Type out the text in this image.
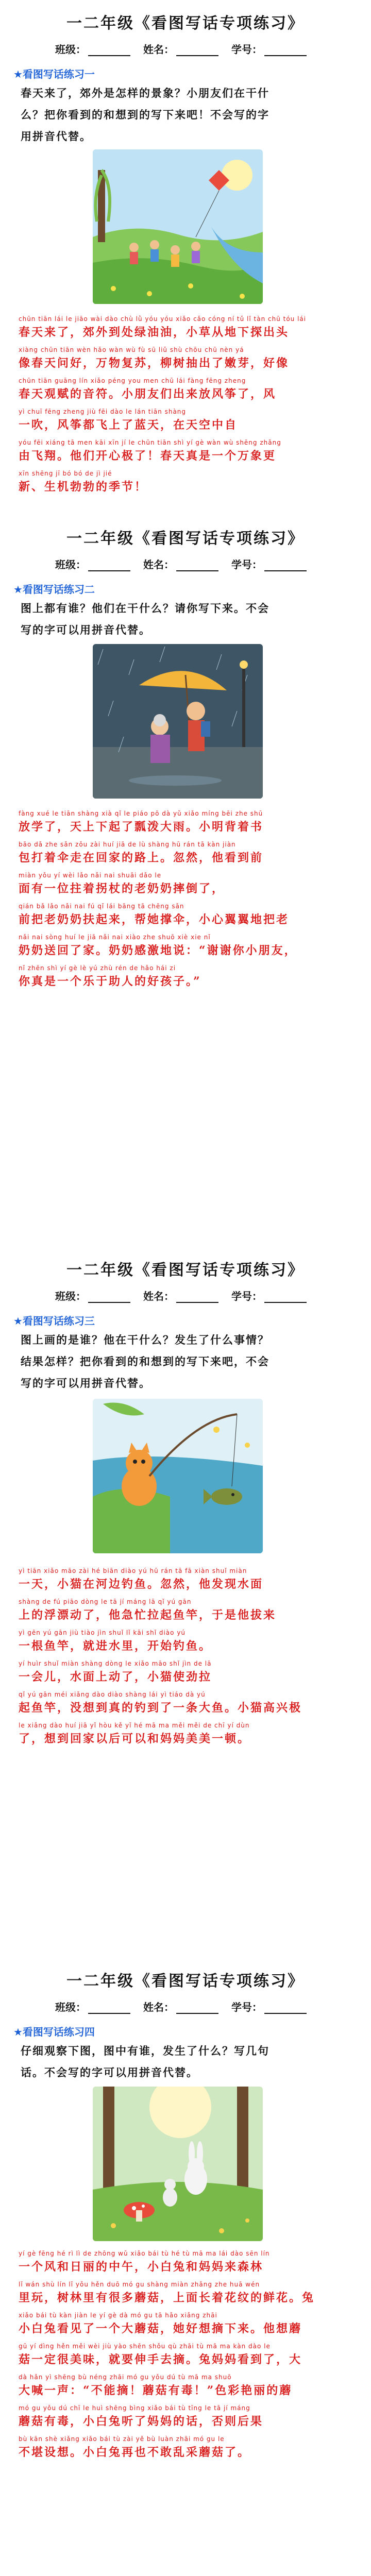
一二年级《看图写话专项练习》
班级：	姓名：	学号：
★看图写话练习一
春天来了，郊外是怎样的景象？小朋友们在干什
么？把你看到的和想到的写下来吧！不会写的字
用拼音代替。
chūn tiān lái le jiāo wài dào chù lǜ yóu yóu xiǎo cǎo cóng ní tǔ lǐ tàn chū tóu lái
春天来了，郊外到处绿油油，小草从地下探出头
xiàng chūn tiān wèn hǎo wàn wù fù sū liǔ shù chōu chū nèn yá
像春天问好，万物复苏，柳树抽出了嫩芽，好像
chūn tiān guāng lín xiǎo péng you men chū lái fàng fēng zheng
春天观赋的音符。小朋友们出来放风筝了，风
yì chuī fēng zheng jiù fēi dào le lán tiān shàng
一吹，风筝都飞上了蓝天，在天空中自
yóu fēi xiáng tā men kāi xīn jí le chūn tiān shì yí gè wàn wù shēng zhǎng
由飞翔。他们开心极了！春天真是一个万象更
xīn shēng jī bó bó de jì jié
新、生机勃勃的季节！
一二年级《看图写话专项练习》
班级：	姓名：	学号：
★看图写话练习二
图上都有谁？他们在干什么？请你写下来。不会
写的字可以用拼音代替。
fàng xué le tiān shàng xià qǐ le piáo pō dà yǔ xiǎo míng bēi zhe shū
放学了，天上下起了瓢泼大雨。小明背着书
bāo dǎ zhe sǎn zǒu zài huí jiā de lù shàng hū rán tā kàn jiàn
包打着伞走在回家的路上。忽然，他看到前
miàn yǒu yí wèi lǎo nǎi nai shuāi dǎo le
面有一位拄着拐杖的老奶奶摔倒了，
qián bǎ lǎo nǎi nai fú qǐ lái bāng tā chēng sǎn
前把老奶奶扶起来，帮她撑伞，小心翼翼地把老
nǎi nai sòng huí le jiā nǎi nai xiào zhe shuō xiè xie nǐ
奶奶送回了家。奶奶感激地说：“谢谢你小朋友，
nǐ zhēn shì yí gè lè yú zhù rén de hǎo hái zi
你真是一个乐于助人的好孩子。”
一二年级《看图写话专项练习》
班级：	姓名：	学号：
★看图写话练习三
图上画的是谁？他在干什么？发生了什么事情？
结果怎样？把你看到的和想到的写下来吧，不会
写的字可以用拼音代替。
yì tiān xiǎo māo zài hé biān diào yú hū rán tā fā xiàn shuǐ miàn
一天，小猫在河边钓鱼。忽然，他发现水面
shàng de fú piāo dòng le tā jí máng lā qǐ yú gān
上的浮漂动了，他急忙拉起鱼竿，于是他拔来
yì gēn yú gān jiù tiào jìn shuǐ lǐ kāi shǐ diào yú
一根鱼竿，就进水里，开始钓鱼。
yí huìr shuǐ miàn shàng dòng le xiǎo māo shǐ jìn de lā
一会儿，水面上动了，小猫使劲拉
qǐ yú gān méi xiǎng dào diào shàng lái yì tiáo dà yú
起鱼竿，没想到真的钓到了一条大鱼。小猫高兴极
le xiǎng dào huí jiā yǐ hòu kě yǐ hé mā ma měi měi de chī yí dùn
了，想到回家以后可以和妈妈美美一顿。
一二年级《看图写话专项练习》
班级：	姓名：	学号：
★看图写话练习四
仔细观察下图，图中有谁，发生了什么？写几句
话。不会写的字可以用拼音代替。
yí gè fēng hé rì lì de zhōng wǔ xiǎo bái tù hé tù mā ma lái dào sēn lín
一个风和日丽的中午，小白兔和妈妈来森林
lǐ wán shù lín lǐ yǒu hěn duō mó gu shàng miàn zhǎng zhe huā wén
里玩，树林里有很多蘑菇，上面长着花纹的鲜花。兔
xiǎo bái tù kàn jiàn le yí gè dà mó gu tā hǎo xiǎng zhāi
小白兔看见了一个大蘑菇，她好想摘下来。他想蘑
gū yí dìng hěn měi wèi jiù yào shēn shǒu qù zhāi tù mā ma kàn dào le
菇一定很美味，就要伸手去摘。兔妈妈看到了，大
dà hǎn yì shēng bù néng zhāi mó gu yǒu dú tù mā ma shuō
大喊一声：“不能摘！蘑菇有毒！”色彩艳丽的蘑
mó gu yǒu dú chī le huì shēng bìng xiǎo bái tù tīng le tā jí máng
蘑菇有毒，小白兔听了妈妈的话，否则后果
bù kān shè xiǎng xiǎo bái tù zài yě bù luàn zhāi mó gu le
不堪设想。小白兔再也不敢乱采蘑菇了。
